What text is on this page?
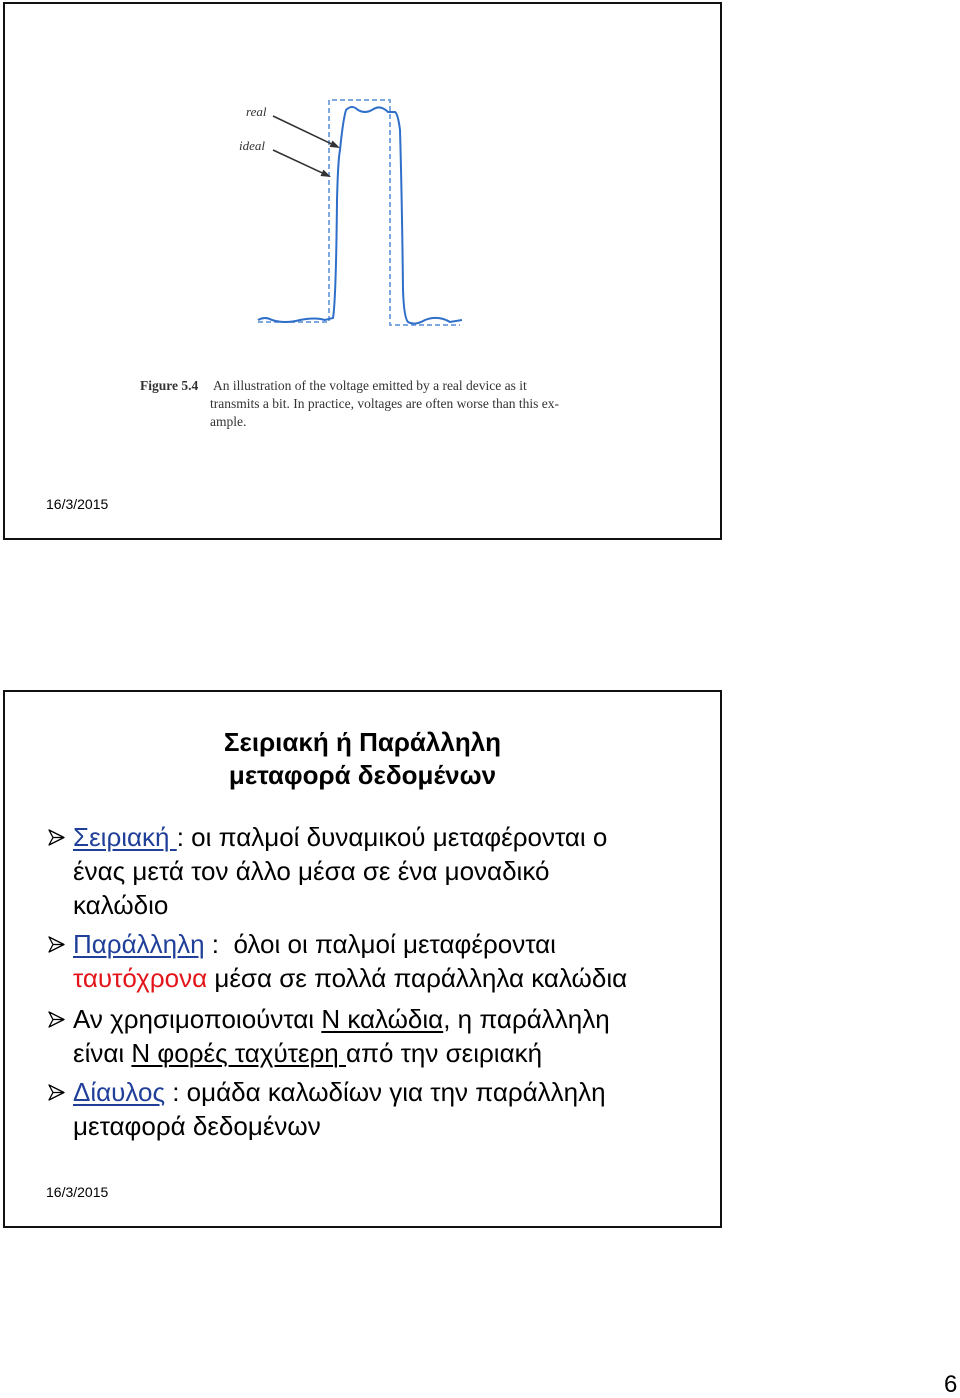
real
ideal
Figure 5.4 An illustration of the voltage emitted by a real device as it
transmits a bit. In practice, voltages are often worse than this ex-
ample.
16/3/2015
Σειριακή ή Παράλληλη
μεταφορά δεδομένων
Σειριακή : οι παλμοί δυναμικού μεταφέρονται ο
ένας μετά τον άλλο μέσα σε ένα μοναδικό
καλώδιο
Παράλληλη :  όλοι οι παλμοί μεταφέρονται
ταυτόχρονα μέσα σε πολλά παράλληλα καλώδια
Αν χρησιμοποιούνται Ν καλώδια, η παράλληλη
είναι Ν φορές ταχύτερη από την σειριακή
Δίαυλος : ομάδα καλωδίων για την παράλληλη
μεταφορά δεδομένων
16/3/2015
6
